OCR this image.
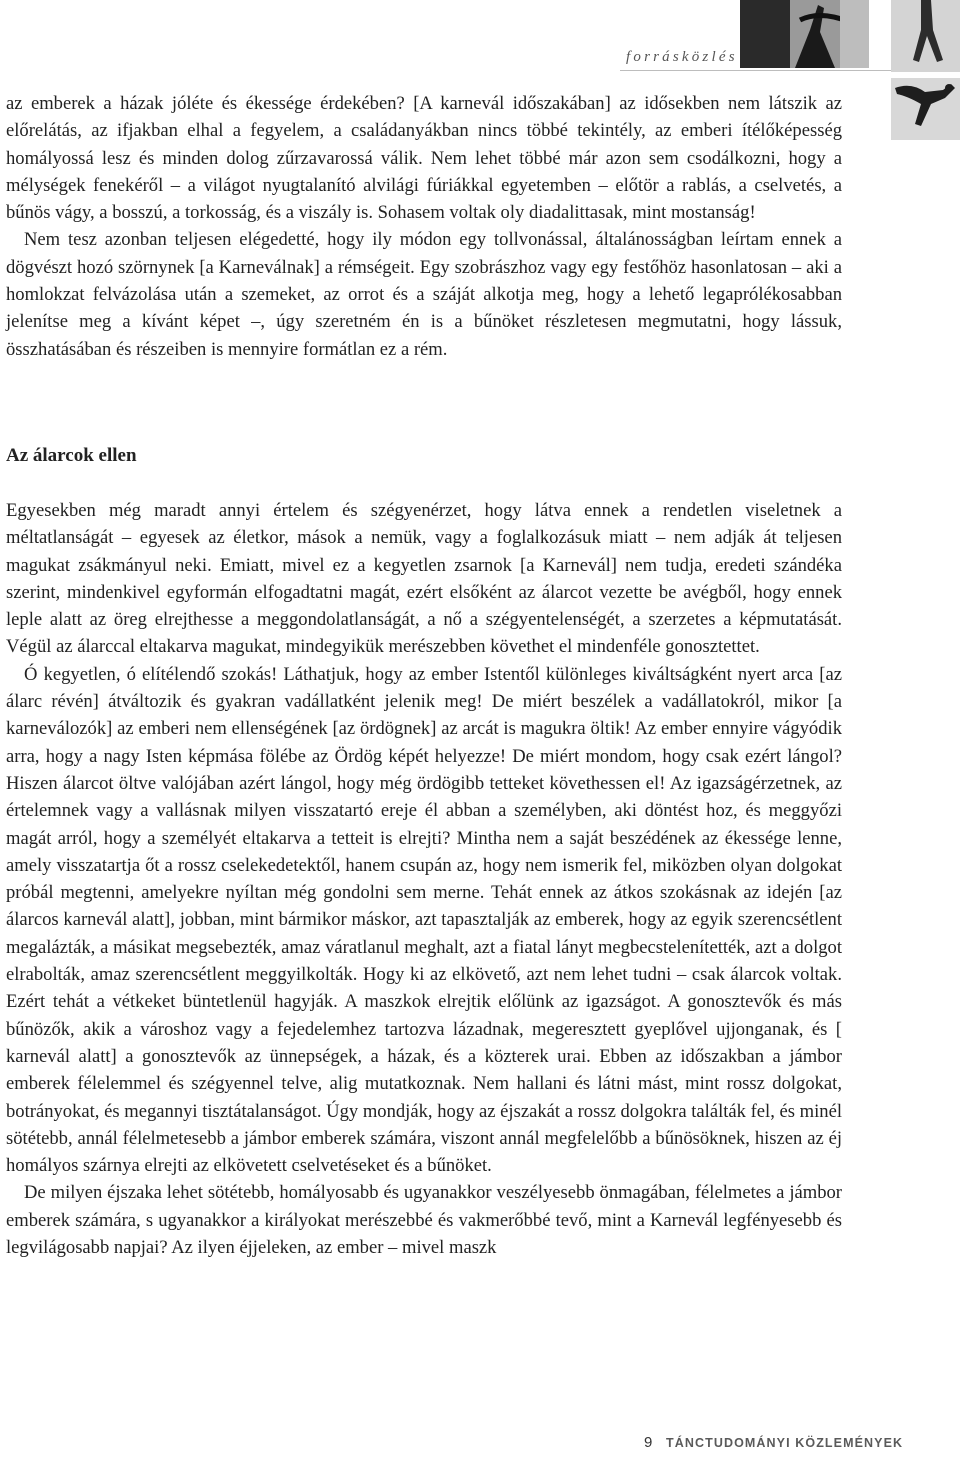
forrásközlés

az emberek a házak jóléte és ékessége érdekében? [A karnevál időszakában] az idősekben nem látszik az előrelátás, az ifjakban elhal a fegyelem, a családanyákban nincs többé tekintély, az emberi ítélőképesség homályossá lesz és minden dolog zűrzavarossá válik. Nem lehet többé már azon sem csodálkozni, hogy a mélységek fenekéről – a világot nyugtalanító alvilági fúriákkal egyetemben – előtör a rablás, a cselvetés, a bűnös vágy, a bosszú, a torkosság, és a viszály is. Sohasem voltak oly diadalittasak, mint mostanság!

Nem tesz azonban teljesen elégedetté, hogy ily módon egy tollvonással, általánosságban leírtam ennek a dögvészt hozó szörnynek [a Karneválnak] a rémségeit. Egy szobrászhoz vagy egy festőhöz hasonlatosan – aki a homlokzat felvázolása után a szemeket, az orrot és a száját alkotja meg, hogy a lehető legaprólékosabban jelenítse meg a kívánt képet –, úgy szeretném én is a bűnöket részletesen megmutatni, hogy lássuk, összhatásában és részeiben is mennyire formátlan ez a rém.

Az álarcok ellen

Egyesekben még maradt annyi értelem és szégyenérzet, hogy látva ennek a rendetlen viseletnek a méltatlanságát – egyesek az életkor, mások a nemük, vagy a foglalkozásuk miatt – nem adják át teljesen magukat zsákmányul neki. Emiatt, mivel ez a kegyetlen zsarnok [a Karnevál] nem tudja, eredeti szándéka szerint, mindenkivel egyformán elfogadtatni magát, ezért elsőként az álarcot vezette be avégből, hogy ennek leple alatt az öreg elrejthesse a meggondolatlanságát, a nő a szégyentelenségét, a szerzetes a képmutatását. Végül az álarccal eltakarva magukat, mindegyikük merészebben követhet el mindenféle gonosztettet.

Ó kegyetlen, ó elítélendő szokás! Láthatjuk, hogy az ember Istentől különleges kiváltságként nyert arca [az álarc révén] átváltozik és gyakran vadállatként jelenik meg! De miért beszélek a vadállatokról, mikor [a karneválozók] az emberi nem ellenségének [az ördögnek] az arcát is magukra öltik! Az ember ennyire vágyódik arra, hogy a nagy Isten képmása fölébe az Ördög képét helyezze! De miért mondom, hogy csak ezért lángol? Hiszen álarcot öltve valójában azért lángol, hogy még ördögibb tetteket követhessen el! Az igazságérzetnek, az értelemnek vagy a vallásnak milyen visszatartó ereje él abban a személyben, aki döntést hoz, és meggyőzi magát arról, hogy a személyét eltakarva a tetteit is elrejti? Mintha nem a saját beszédének az ékessége lenne, amely visszatartja őt a rossz cselekedetektől, hanem csupán az, hogy nem ismerik fel, miközben olyan dolgokat próbál megtenni, amelyekre nyíltan még gondolni sem merne. Tehát ennek az átkos szokásnak az idején [az álarcos karnevál alatt], jobban, mint bármikor máskor, azt tapasztalják az emberek, hogy az egyik szerencsétlent megalázták, a másikat megsebezték, amaz váratlanul meghalt, azt a fiatal lányt megbecstelenítették, azt a dolgot elrabolták, amaz szerencsétlent meggyilkolták. Hogy ki az elkövető, azt nem lehet tudni – csak álarcok voltak. Ezért tehát a vétkeket büntetlenül hagyják. A maszkok elrejtik előlünk az igazságot. A gonosztevők és más bűnözők, akik a városhoz vagy a fejedelemhez tartozva lázadnak, megeresztett gyeplővel ujjonganak, és [ karnevál alatt] a gonosztevők az ünnepségek, a házak, és a közterek urai. Ebben az időszakban a jámbor emberek félelemmel és szégyennel telve, alig mutatkoznak. Nem hallani és látni mást, mint rossz dolgokat, botrányokat, és megannyi tisztátalanságot. Úgy mondják, hogy az éjszakát a rossz dolgokra találták fel, és minél sötétebb, annál félelmetesebb a jámbor emberek számára, viszont annál megfelelőbb a bűnösöknek, hiszen az éj homályos szárnya elrejti az elkövetett cselvetéseket és a bűnöket.

De milyen éjszaka lehet sötétebb, homályosabb és ugyanakkor veszélyesebb önmagában, félelmetes a jámbor emberek számára, s ugyanakkor a királyokat merészebbé és vakmerőbbé tevő, mint a Karnevál legfényesebb és legvilágosabb napjai? Az ilyen éjjeleken, az ember – mivel maszk

9 TÁNCTUDOMÁNYI KÖZLEMÉNYEK
